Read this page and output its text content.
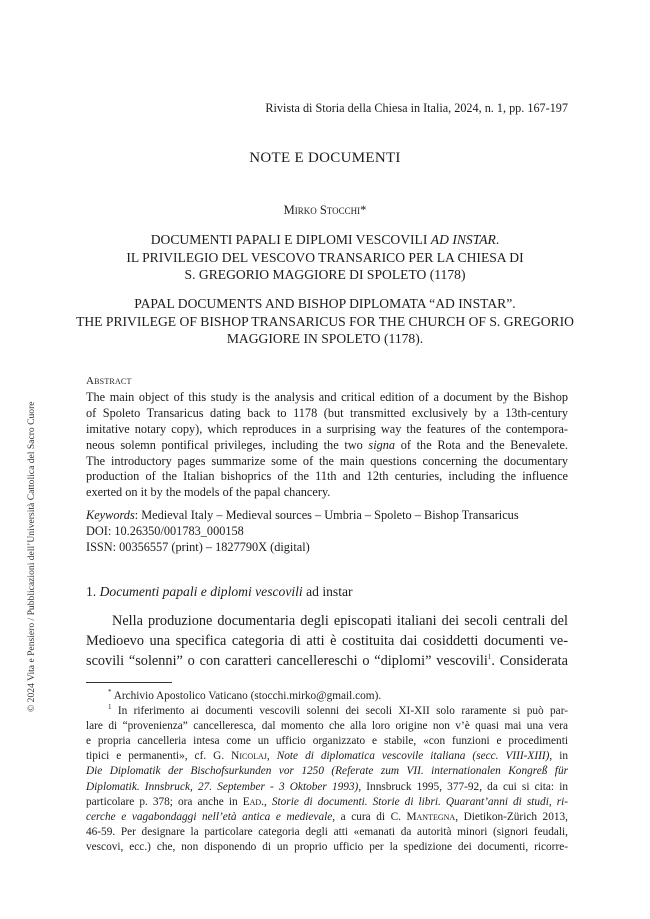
Rivista di Storia della Chiesa in Italia, 2024, n. 1, pp. 167-197
NOTE E DOCUMENTI
Mirko Stocchi*
DOCUMENTI PAPALI E DIPLOMI VESCOVILI AD INSTAR.
IL PRIVILEGIO DEL VESCOVO TRANSARICO PER LA CHIESA DI
S. GREGORIO MAGGIORE DI SPOLETO (1178)
PAPAL DOCUMENTS AND BISHOP DIPLOMATA “AD INSTAR”.
THE PRIVILEGE OF BISHOP TRANSARICUS FOR THE CHURCH OF S. GREGORIO
MAGGIORE IN SPOLETO (1178).
Abstract
The main object of this study is the analysis and critical edition of a document by the Bishop
of Spoleto Transaricus dating back to 1178 (but transmitted exclusively by a 13th-century
imitative notary copy), which reproduces in a surprising way the features of the contempora-
neous solemn pontifical privileges, including the two signa of the Rota and the Benevalete.
The introductory pages summarize some of the main questions concerning the documentary
production of the Italian bishoprics of the 11th and 12th centuries, including the influence
exerted on it by the models of the papal chancery.
Keywords: Medieval Italy – Medieval sources – Umbria – Spoleto – Bishop Transaricus
DOI: 10.26350/001783_000158
ISSN: 00356557 (print) – 1827790X (digital)
1. Documenti papali e diplomi vescovili ad instar
Nella produzione documentaria degli episcopati italiani dei secoli centrali del
Medioevo una specifica categoria di atti è costituita dai cosiddetti documenti ve-
scovili “solenni” o con caratteri cancellereschi o “diplomi” vescovili$^1$. Considerata
* Archivio Apostolico Vaticano (stocchi.mirko@gmail.com).
$^1$ In riferimento ai documenti vescovili solenni dei secoli XI-XII solo raramente si può par-
lare di “provenienza” cancelleresca, dal momento che alla loro origine non v’è quasi mai una vera
e propria cancelleria intesa come un ufficio organizzato e stabile, «con funzioni e procedimenti
tipici e permanenti», cf. G. Nicolaj, Note di diplomatica vescovile italiana (secc. VIII-XIII), in
Die Diplomatik der Bischofsurkunden vor 1250 (Referate zum VII. internationalen Kongreß für
Diplomatik. Innsbruck, 27. September - 3 Oktober 1993), Innsbruck 1995, 377-92, da cui si cita: in
particolare p. 378; ora anche in Ead., Storie di documenti. Storie di libri. Quarant’anni di studi, ri-
cerche e vagabondaggi nell’età antica e medievale, a cura di C. Mantegna, Dietikon-Zürich 2013,
46-59. Per designare la particolare categoria degli atti «emanati da autorità minori (signori feudali,
vescovi, ecc.) che, non disponendo di un proprio ufficio per la spedizione dei documenti, ricorre-
© 2024 Vita e Pensiero / Pubblicazioni dell’Università Cattolica del Sacro Cuore
